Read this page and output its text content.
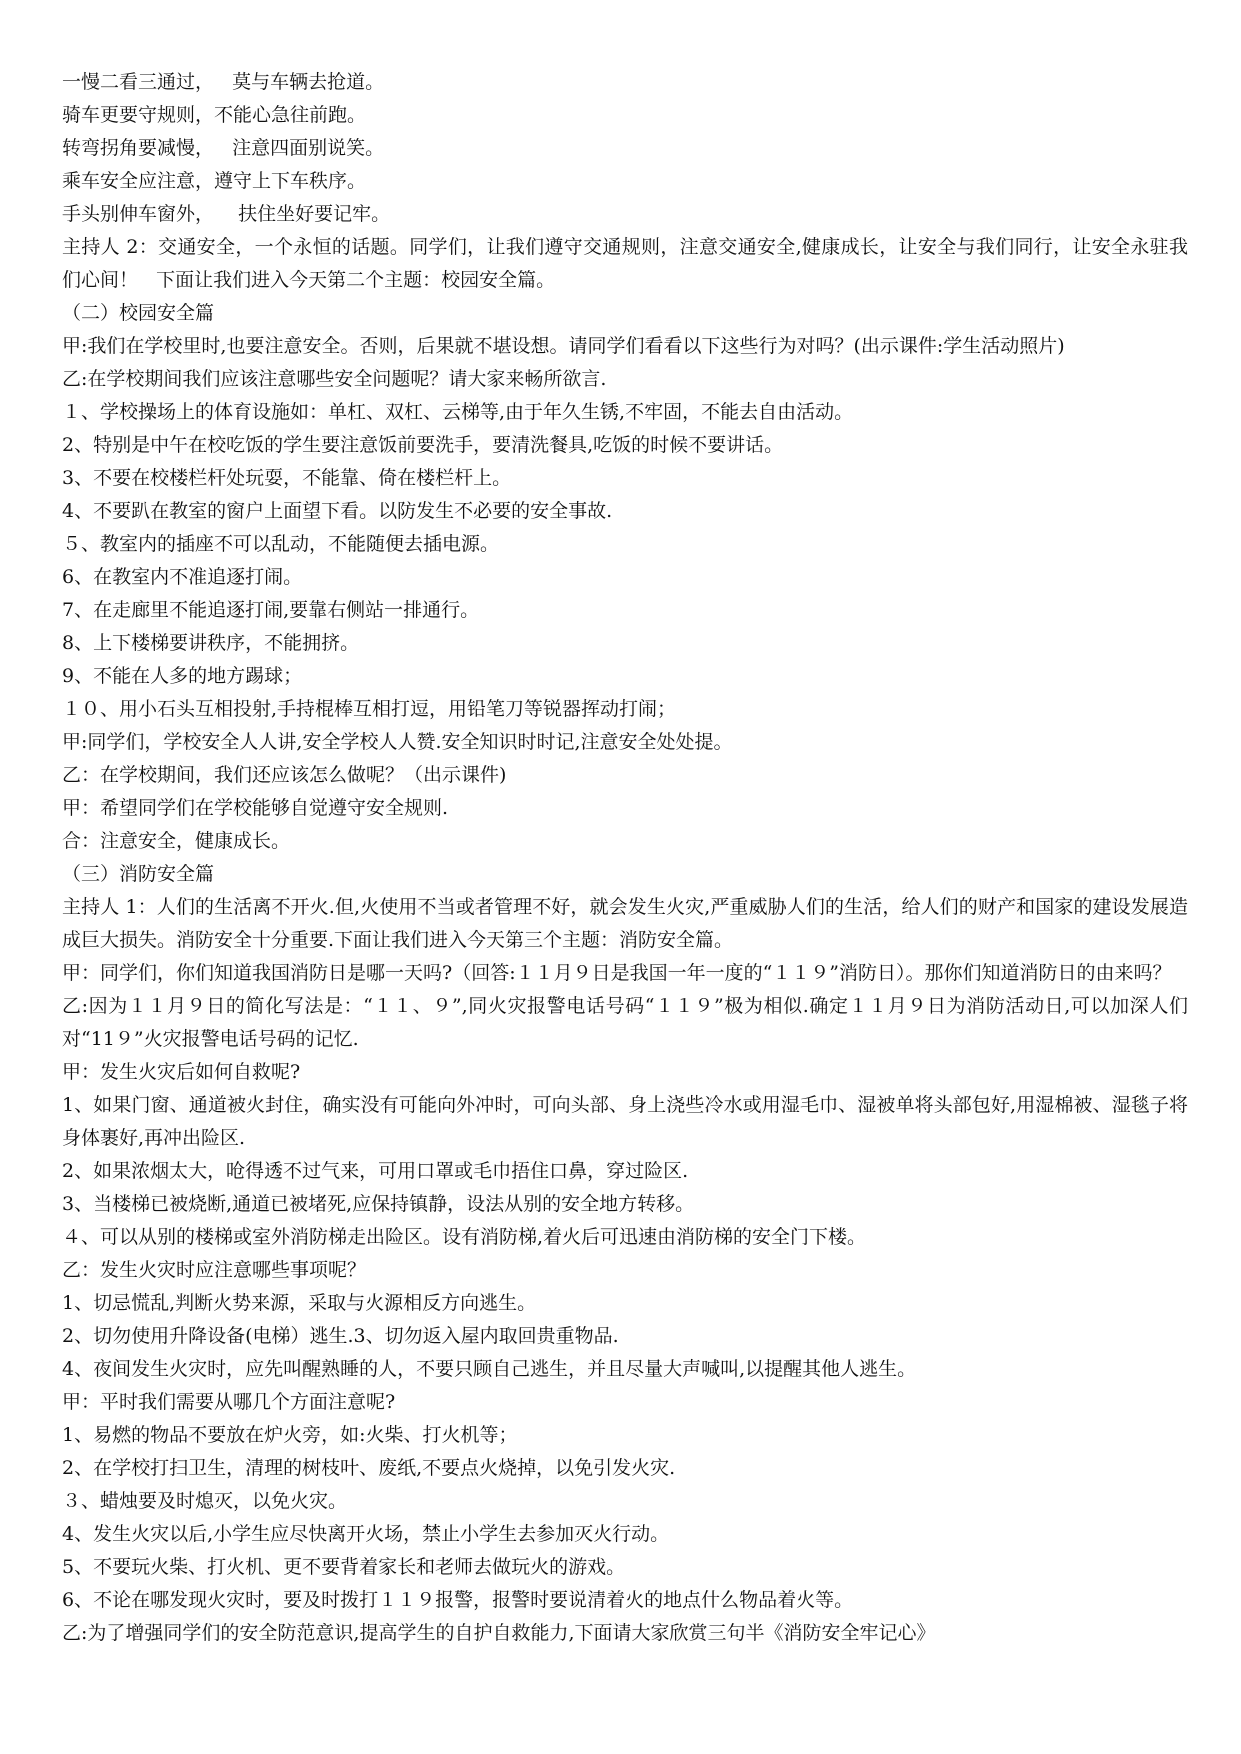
一慢二看三通过，   莫与车辆去抢道。

骑车更要守规则，不能心急往前跑。

转弯拐角要减慢，   注意四面别说笑。

乘车安全应注意，遵守上下车秩序。

手头别伸车窗外，    扶住坐好要记牢。

主持人 2：交通安全，一个永恒的话题。同学们，让我们遵守交通规则，注意交通安全,健康成长，让安全与我们同行，让安全永驻我们心间！   下面让我们进入今天第二个主题：校园安全篇。

（二）校园安全篇

甲:我们在学校里时,也要注意安全。否则，后果就不堪设想。请同学们看看以下这些行为对吗？(出示课件:学生活动照片)

乙:在学校期间我们应该注意哪些安全问题呢？请大家来畅所欲言.

１、学校操场上的体育设施如：单杠、双杠、云梯等,由于年久生锈,不牢固，不能去自由活动。

2、特别是中午在校吃饭的学生要注意饭前要洗手，要清洗餐具,吃饭的时候不要讲话。

3、不要在校楼栏杆处玩耍，不能靠、倚在楼栏杆上。

4、不要趴在教室的窗户上面望下看。以防发生不必要的安全事故.

５、教室内的插座不可以乱动，不能随便去插电源。

6、在教室内不准追逐打闹。

7、在走廊里不能追逐打闹,要靠右侧站一排通行。

8、上下楼梯要讲秩序，不能拥挤。

9、不能在人多的地方踢球；

１０、用小石头互相投射,手持棍棒互相打逗，用铅笔刀等锐器挥动打闹；

甲:同学们，学校安全人人讲,安全学校人人赞.安全知识时时记,注意安全处处提。

乙：在学校期间，我们还应该怎么做呢？（出示课件)

甲：希望同学们在学校能够自觉遵守安全规则.

合：注意安全，健康成长。

（三）消防安全篇

主持人 1：人们的生活离不开火.但,火使用不当或者管理不好，就会发生火灾,严重威胁人们的生活，给人们的财产和国家的建设发展造成巨大损失。消防安全十分重要.下面让我们进入今天第三个主题：消防安全篇。

甲：同学们，你们知道我国消防日是哪一天吗?（回答:１１月９日是我国一年一度的“１１９”消防日）。那你们知道消防日的由来吗？

乙:因为１１月９日的简化写法是：“１１、９”,同火灾报警电话号码“１１９”极为相似.确定１１月９日为消防活动日,可以加深人们对“11９”火灾报警电话号码的记忆.

甲：发生火灾后如何自救呢?

1、如果门窗、通道被火封住，确实没有可能向外冲时，可向头部、身上浇些冷水或用湿毛巾、湿被单将头部包好,用湿棉被、湿毯子将身体裹好,再冲出险区.

2、如果浓烟太大，呛得透不过气来，可用口罩或毛巾捂住口鼻，穿过险区.

3、当楼梯已被烧断,通道已被堵死,应保持镇静，设法从别的安全地方转移。

４、可以从别的楼梯或室外消防梯走出险区。设有消防梯,着火后可迅速由消防梯的安全门下楼。

乙：发生火灾时应注意哪些事项呢？

1、切忌慌乱,判断火势来源，采取与火源相反方向逃生。

2、切勿使用升降设备(电梯）逃生.3、切勿返入屋内取回贵重物品.

4、夜间发生火灾时，应先叫醒熟睡的人，不要只顾自己逃生，并且尽量大声喊叫,以提醒其他人逃生。

甲：平时我们需要从哪几个方面注意呢?

1、易燃的物品不要放在炉火旁，如:火柴、打火机等；

2、在学校打扫卫生，清理的树枝叶、废纸,不要点火烧掉，以免引发火灾.

３、蜡烛要及时熄灭，以免火灾。

4、发生火灾以后,小学生应尽快离开火场，禁止小学生去参加灭火行动。

5、不要玩火柴、打火机、更不要背着家长和老师去做玩火的游戏。

6、不论在哪发现火灾时，要及时拨打１１９报警，报警时要说清着火的地点什么物品着火等。

乙:为了增强同学们的安全防范意识,提高学生的自护自救能力,下面请大家欣赏三句半《消防安全牢记心》
